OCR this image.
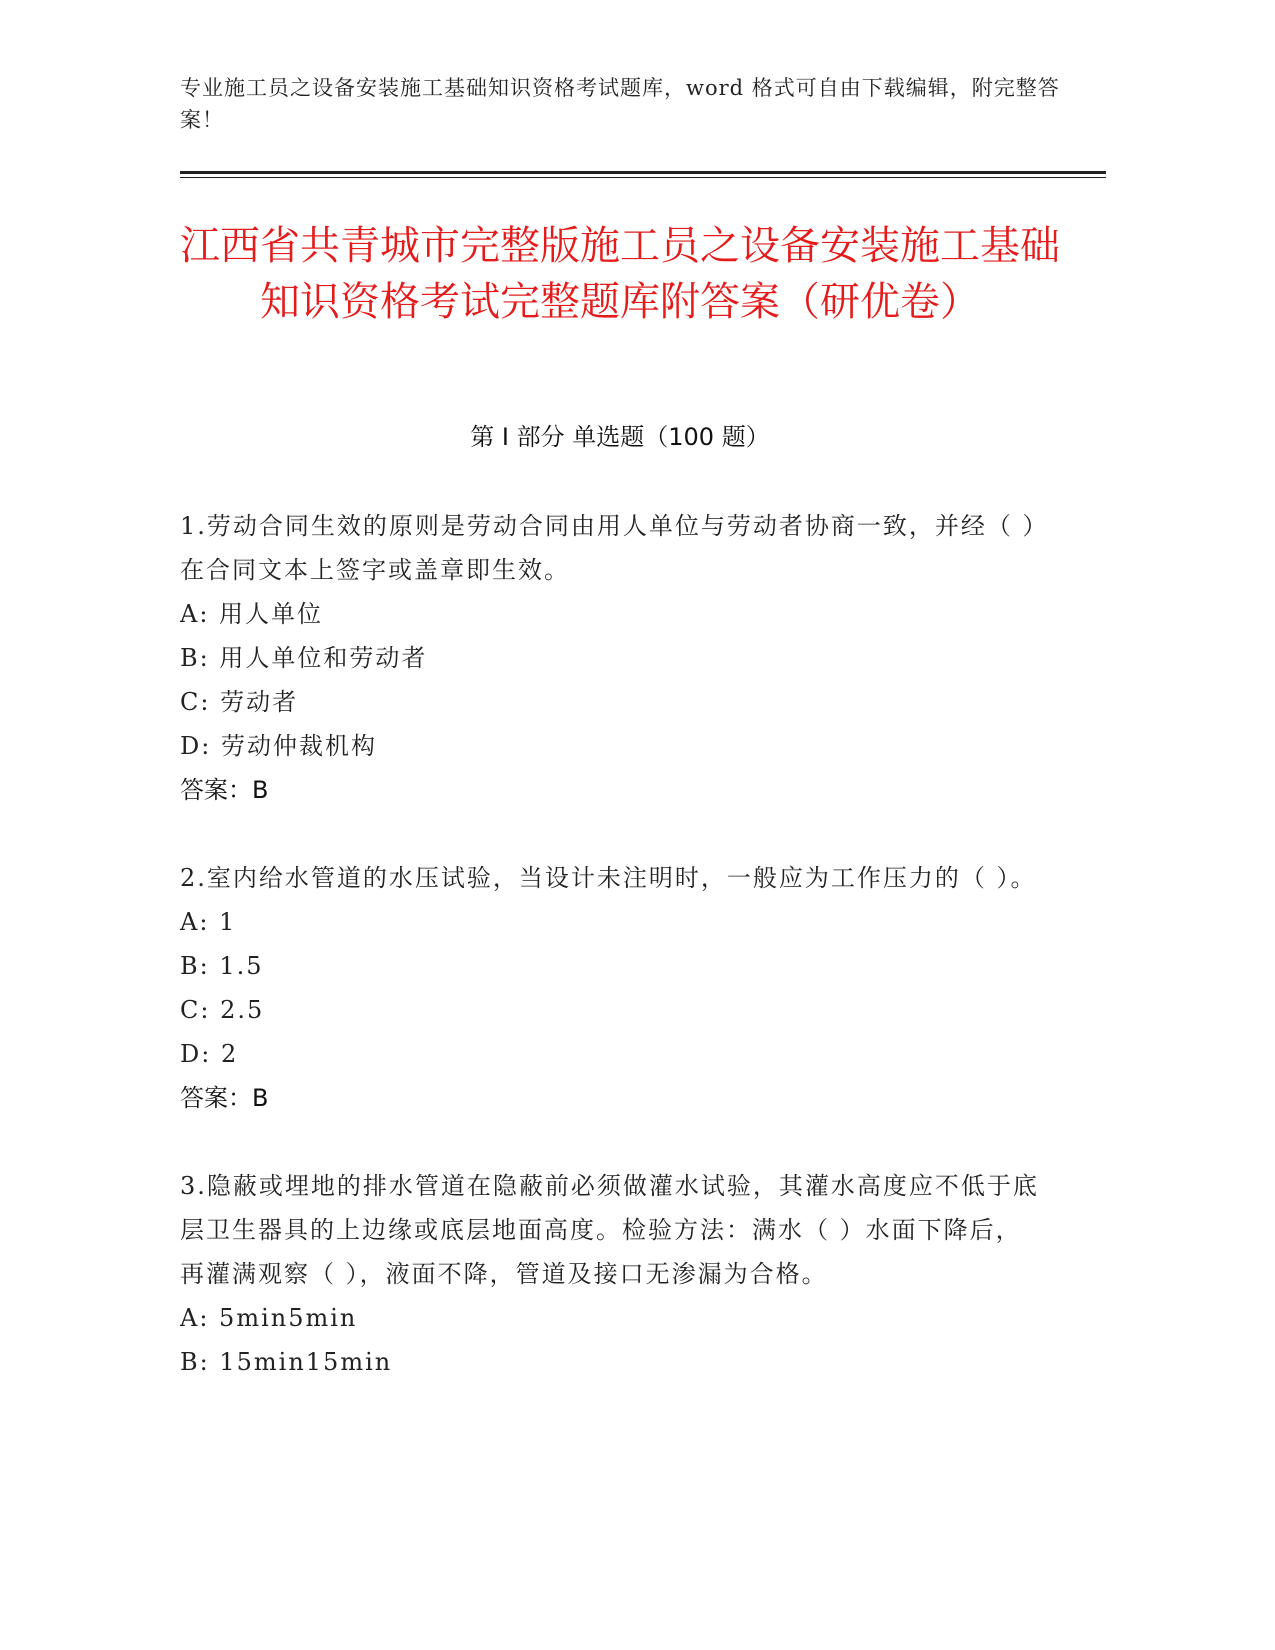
专业施工员之设备安装施工基础知识资格考试题库，word 格式可自由下载编辑，附完整答案！
江西省共青城市完整版施工员之设备安装施工基础知识资格考试完整题库附答案（研优卷）
第 I 部分 单选题（100 题）
1.劳动合同生效的原则是劳动合同由用人单位与劳动者协商一致，并经（ ）在合同文本上签字或盖章即生效。
A: 用人单位
B: 用人单位和劳动者
C: 劳动者
D: 劳动仲裁机构
答案：B
2.室内给水管道的水压试验，当设计未注明时，一般应为工作压力的（ ）。
A: 1
B: 1.5
C: 2.5
D: 2
答案：B
3.隐蔽或埋地的排水管道在隐蔽前必须做灌水试验，其灌水高度应不低于底层卫生器具的上边缘或底层地面高度。检验方法：满水（ ）水面下降后，再灌满观察（ ），液面不降，管道及接口无渗漏为合格。
A: 5min5min
B: 15min15min
